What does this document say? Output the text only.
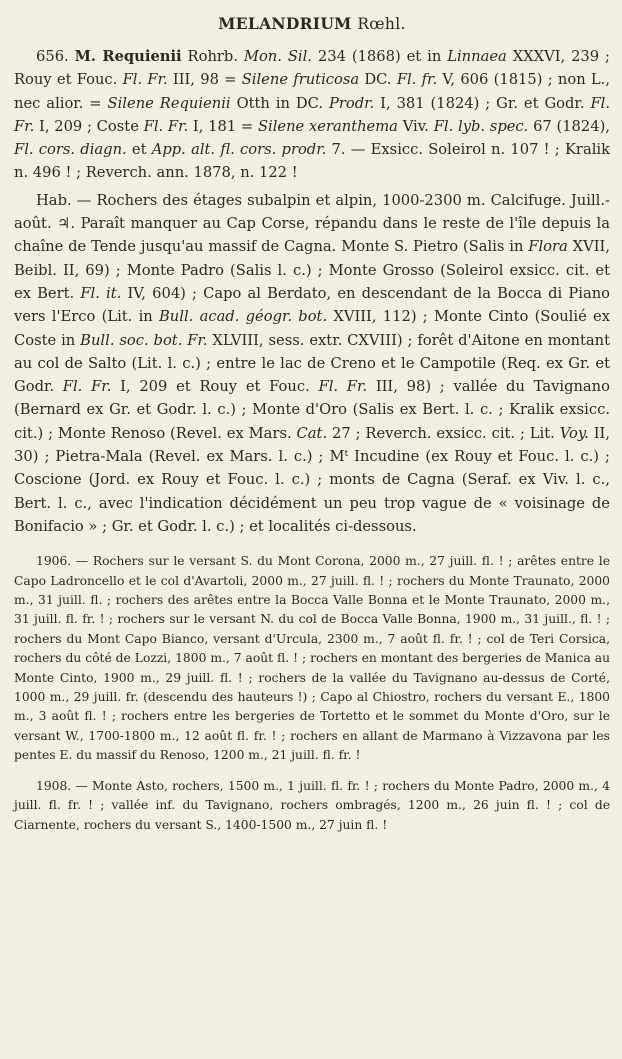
MELANDRIUM Rœhl.

656. M. Requienii Rohrb. Mon. Sil. 234 (1868) et in Linnaea XXXVI, 239 ; Rouy et Fouc. Fl. Fr. III, 98 = Silene fruticosa DC. Fl. fr. V, 606 (1815) ; non L., nec alior. = Silene Requienii Otth in DC. Prodr. I, 381 (1824) ; Gr. et Godr. Fl. Fr. I, 209 ; Coste Fl. Fr. I, 181 = Silene xeranthema Viv. Fl. lyb. spec. 67 (1824), Fl. cors. diagn. et App. alt. fl. cors. prodr. 7. — Exsicc. Soleirol n. 107 ! ; Kralik n. 496 ! ; Reverch. ann. 1878, n. 122 !

Hab. — Rochers des étages subalpin et alpin, 1000-2300 m. Calcifuge. Juill.-août. ♃. Paraît manquer au Cap Corse, répandu dans le reste de l'île depuis la chaîne de Tende jusqu'au massif de Cagna. Monte S. Pietro (Salis in Flora XVII, Beibl. II, 69) ; Monte Padro (Salis l. c.) ; Monte Grosso (Soleirol exsicc. cit. et ex Bert. Fl. it. IV, 604) ; Capo al Berdato, en descendant de la Bocca di Piano vers l'Erco (Lit. in Bull. acad. géogr. bot. XVIII, 112) ; Monte Cinto (Soulié ex Coste in Bull. soc. bot. Fr. XLVIII, sess. extr. CXVIII) ; forêt d'Aitone en montant au col de Salto (Lit. l. c.) ; entre le lac de Creno et le Campotile (Req. ex Gr. et Godr. Fl. Fr. I, 209 et Rouy et Fouc. Fl. Fr. III, 98) ; vallée du Tavignano (Bernard ex Gr. et Godr. l. c.) ; Monte d'Oro (Salis ex Bert. l. c. ; Kralik exsicc. cit.) ; Monte Renoso (Revel. ex Mars. Cat. 27 ; Reverch. exsicc. cit. ; Lit. Voy. II, 30) ; Pietra-Mala (Revel. ex Mars. l. c.) ; Mᵗ Incudine (ex Rouy et Fouc. l. c.) ; Coscione (Jord. ex Rouy et Fouc. l. c.) ; monts de Cagna (Seraf. ex Viv. l. c., Bert. l. c., avec l'indication décidément un peu trop vague de « voisinage de Bonifacio » ; Gr. et Godr. l. c.) ; et localités ci-dessous.

1906. — Rochers sur le versant S. du Mont Corona, 2000 m., 27 juill. fl. ! ; arêtes entre le Capo Ladroncello et le col d'Avartoli, 2000 m., 27 juill. fl. ! ; rochers du Monte Traunato, 2000 m., 31 juill. fl. ; rochers des arêtes entre la Bocca Valle Bonna et le Monte Traunato, 2000 m., 31 juill. fl. fr. ! ; rochers sur le versant N. du col de Bocca Valle Bonna, 1900 m., 31 juill., fl. ! ; rochers du Mont Capo Bianco, versant d'Urcula, 2300 m., 7 août fl. fr. ! ; col de Teri Corsica, rochers du côté de Lozzi, 1800 m., 7 août fl. ! ; rochers en montant des bergeries de Manica au Monte Cinto, 1900 m., 29 juill. fl. ! ; rochers de la vallée du Tavignano au-dessus de Corté, 1000 m., 29 juill. fr. (descendu des hauteurs !) ; Capo al Chiostro, rochers du versant E., 1800 m., 3 août fl. ! ; rochers entre les bergeries de Tortetto et le sommet du Monte d'Oro, sur le versant W., 1700-1800 m., 12 août fl. fr. ! ; rochers en allant de Marmano à Vizzavona par les pentes E. du massif du Renoso, 1200 m., 21 juill. fl. fr. !

1908. — Monte Asto, rochers, 1500 m., 1 juill. fl. fr. ! ; rochers du Monte Padro, 2000 m., 4 juill. fl. fr. ! ; vallée inf. du Tavignano, rochers ombragés, 1200 m., 26 juin fl. ! ; col de Ciarnente, rochers du versant S., 1400-1500 m., 27 juin fl. !
